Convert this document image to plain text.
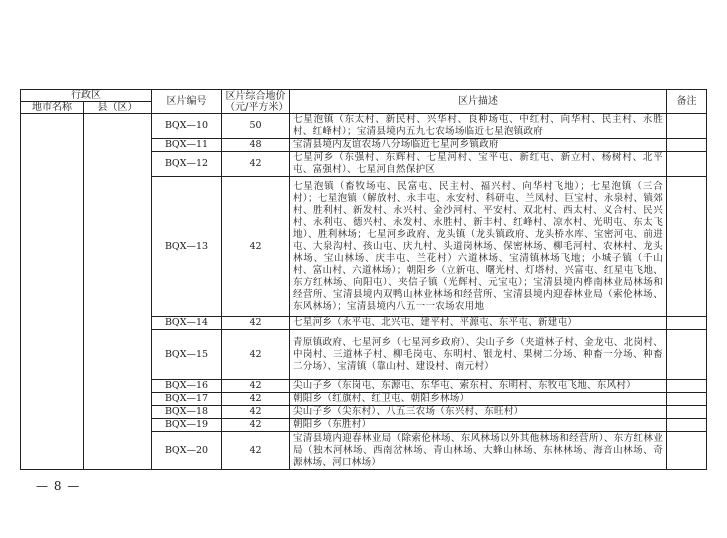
行政区		区片编号	区片综合地价（元/平方米）	区片描述	备注
地市名称	县（区）				
		BQX—10	50	七星泡镇（东太村、新民村、兴华村、良种场屯、中红村、向华村、民主村、永胜村、红峰村）；宝清县境内五九七农场场临近七星泡镇政府	
		BQX—11	48	宝清县境内友谊农场八分场临近七星河乡镇政府	
		BQX—12	42	七星河乡（东强村、东辉村、七星河村、宝平屯、新红屯、新立村、杨树村、北平屯、富强村）、七星河自然保护区	
		BQX—13	42	七星泡镇（畜牧场屯、民富屯、民主村、福兴村、向华村飞地）；七星泡镇（三合村）；七星泡镇（解放村、永丰屯、永安村、科研屯、兰凤村、巨宝村、永泉村、镇郊村、胜利村、新发村、永兴村、金沙河村、平安村、双北村、西太村、义合村、民兴村、永利屯、德兴村、永发村、永胜村、新丰村、红峰村、凉水村、光明屯、东太飞地）、胜利林场；七星河乡政府、龙头镇（龙头镇政府、龙头桥水库、宝密河屯、前进屯、大泉沟村、孩山屯、庆九村、头道岗林场、保密林场、柳毛河村、农林村、龙头林场、宝山林场、庆丰屯、兰花村）六道林场、宝清镇林场飞地；小城子镇（千山村、富山村、六道林场）；朝阳乡（立新屯、曙光村、灯塔村、兴富屯、红星屯飞地、东方红林场、向阳屯）、夹信子镇（光辉村、元宝屯）；宝清县境内桦南林业局林场和经营所、宝清县境内双鸭山林业林场和经营所、宝清县境内迎春林业局（索伦林场、东风林场）；宝清县境内八五一一农场农用地	
		BQX—14	42	七星河乡（永平屯、北兴屯、建平村、平源屯、东平屯、新建屯）	
		BQX—15	42	青原镇政府、七星河乡（七星河乡政府）、尖山子乡（夹道林子村、金龙屯、北岗村、中岗村、三道林子村、柳毛岗屯、东明村、银龙村、果树二分场、种畜一分场、种畜二分场）、宝清镇（靠山村、建设村、南元村）	
		BQX—16	42	尖山子乡（东岗屯、东源屯、东华屯、索东村、东明村、东牧屯飞地、东风村）	
		BQX—17	42	朝阳乡（红旗村、红卫屯、朝阳乡林场）	
		BQX—18	42	尖山子乡（尖东村）、八五三农场（东兴村、东旺村）	
		BQX—19	42	朝阳乡（东胜村）	
		BQX—20	42	宝清县境内迎春林业局（除索伦林场、东风林场以外其他林场和经营所）、东方红林业局（独木河林场、西南岔林场、青山林场、大蜂山林场、东林林场、海音山林场、奇源林场、河口林场）	
— 8 —
